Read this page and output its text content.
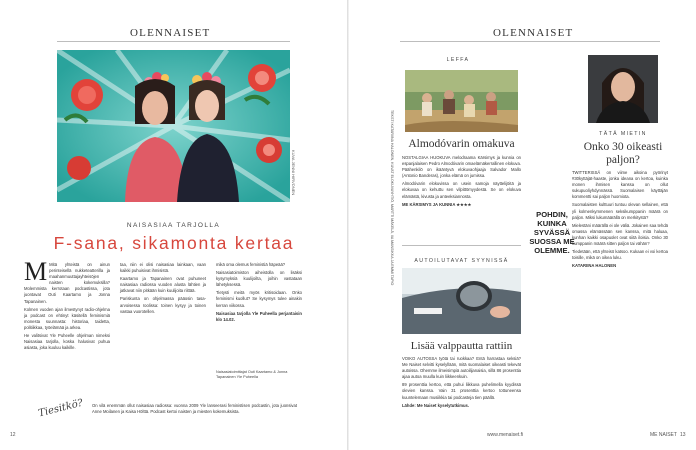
OLENNAISET
KUVA JENNI HIRVONEN
NAISASIAA TARJOLLA
F-sana, sikamonta kertaa
M Mitä yhteistä on ainun perinteisellä nukketeatterilla ja maahanmuuttajayhteisöjen naisten kokemuksilla? Molemmista kerrotaan podcastissa, jota juontavat Outi Kaartamo ja Jonna Tapanainen.

Kolmen vuoden ajan ilmestynyt radio-ohjelma ja podcast on ehtinyt käsitellä feminismiä monesta suunnasta: historiaa, taidetta, politiikkaa, työelämää ja arkea.

He valitsivat Yle Puheelle ohjelman nimeksi Naisasiaa tarjolla, koska halusivat puhua asiasta, joka kuuluu kaikille.

taa, niin ei olisi naisasiaa lainkaan, vaan kaikki puhuisivat ihmisistä.

Kaartamo ja Tapanainen ovat puhuneet naisasiaa radiossa vuoden alusta lähtien ja jatkavat niin pitkään kuin kuulijoita riittää.

Pariskunta on ohjelmassa pääosin tasa-arvoisessa roolissa: toinen kysyy ja toinen vastaa vuorotellen.

mikä oma olemus feministiä häpeää?

Naisasiatoimiston aiheistolla on lisäksi kysymyksiä kuulijoilta, joihin vastataan lähetyksessä.

Tietysti meitä myös kritisoidaan. Onko feminismi kuollut? Se kysymys tulee ainakin kerran viikossa.

Naisasiaa tarjolla Yle Puheella perjantaisin klo 14.02.

Naisasiatoimittajat Outi Kaartamo & Jonna Tapanainen Yle Puheella
Tiesitkö? On vilä enemmän ollut naisasiaa radiossa: vuonna 2009 Yle lanseerasi feministisen podcastin, jota juonsivat Anne Moilanen ja Kaisa Hölttä. Podcast kertoi naisten ja miesten kokemuksista.
12
OLENNAISET
TEKSTI KATARIINA HALONEN, KUVAT ELOKUVAYHTIÖ, MARTTI MÄKELÄ, IIA MANSIKKA JA EMMI TAPIO
LEFFA
Almodóvarin omakuva

NOSTALGIAA HUOKUVA melodraama Kärsimys ja kunnia on espanjalaisen Pedro Almodóvarin omaelämäkerrallinen elokuva. Päähenkilö on ikääntyvä elokuvaohjaaja Salvador Mallo (Antonio Banderas), jonka elämä on jumissa.

Almodóvarin elokuvissa on usein samoja näyttelijöitä ja elokuvaa on kehuttu sen vilpittömyydestä. Se on elokuva elämästä, kivusta ja anteeksiannosta.

ME KÄRSIMYS JA KUNNIA ★★★★

AUTOILUTAVAT SYYNISSÄ
Lisää valppautta rattiin

VOIKO AUTOSSA työtä tai ruokkaa? Entä harrastaa seksiä? Me Naiset selvitti kyselyllään, mitä suomalaiset oikeasti tekevät autoissa. Ohemme ilmeisimpiä autoilijanaisia, sillä 86 prosenttia ajaa autoa muulla kuin liikkeenkuin.

89 prosenttia kertoo, että puhui liikkuva puhelimella kyydissä olevien kanssa. Vain 31 prosenttia kertoo tottuneensa kuuntelemaan musiikkia tai podcasteja tien päällä.

Lähde: Me Naiset kyselytutkimus.

TÄTÄ MIETIN
Onko 30 oikeasti paljon?

TWITTERISSÄ on viime aikoina pyörinyt #30kyttäjät-haaste, jonka ideana on kertoa, kuinka monen ihmisen kanssa on ollut sukupuoliyhdynnässä. Suomalaisen käyttäjän kommentti sai paljon huomiota.

Suomalaisten kulttuuri tuntuu olevan sellainen, että yli kolmenkymmenen seksikumppanin määrä on paljon. Miksi lukumäärällä on merkitystä?

Mielestäni määrällä ei ole väliä. Jokainen saa tehdä omassa elämässään sen kanssa, mitä haluaa, kunhan kaikki osapuolet ovat siitä iloisia. Onko 30 kumppanin määrä sitten paljon tai vähän?

Tiedetään, että yhteisö katsoo. Kukaan ei voi kertoa toisille, mikä on oikea luku.

KATARIINA HALONEN

POHDIN, KUINKA SYVÄSSÄ SUOSSA ME OLEMME.
www.menaiset.fi	ME NAISET 13
